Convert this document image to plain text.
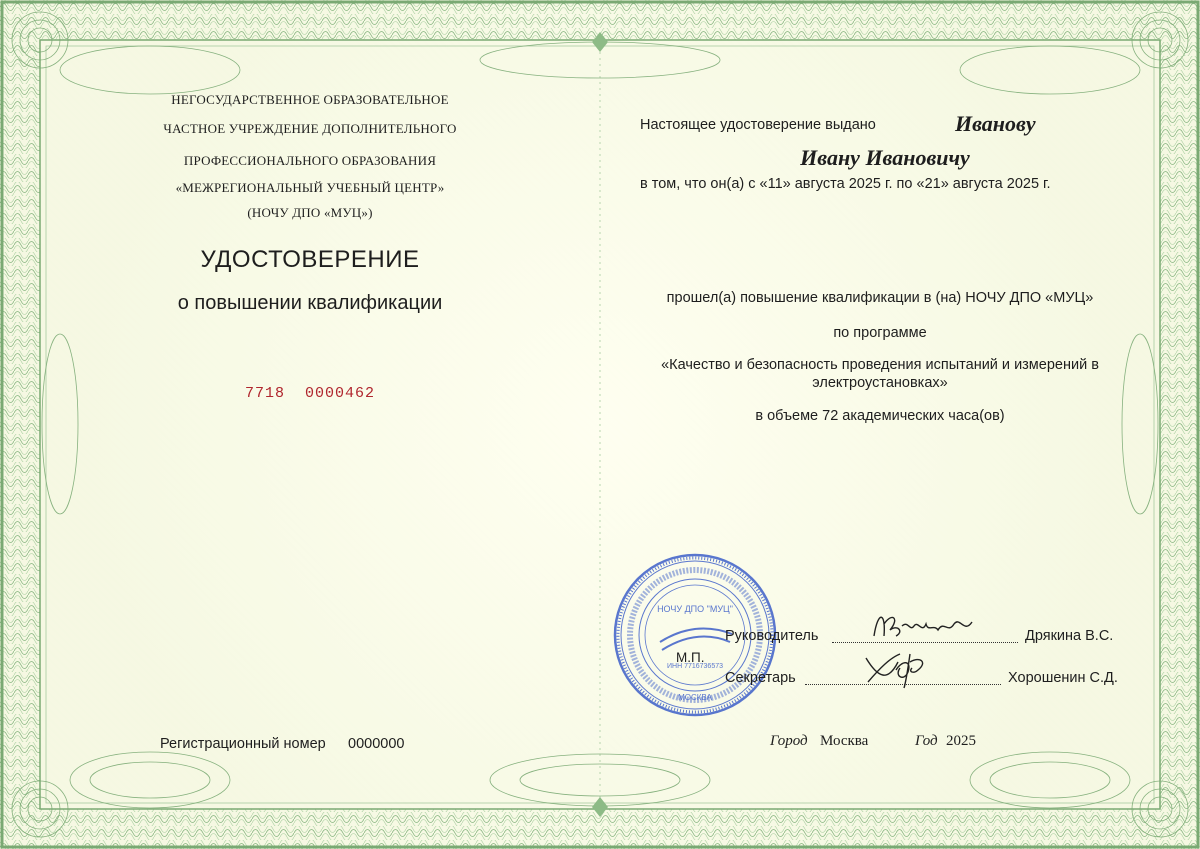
НЕГОСУДАРСТВЕННОЕ ОБРАЗОВАТЕЛЬНОЕ
ЧАСТНОЕ УЧРЕЖДЕНИЕ ДОПОЛНИТЕЛЬНОГО
ПРОФЕССИОНАЛЬНОГО ОБРАЗОВАНИЯ
«МЕЖРЕГИОНАЛЬНЫЙ УЧЕБНЫЙ ЦЕНТР»
(НОЧУ ДПО «МУЦ»)
УДОСТОВЕРЕНИЕ
о повышении квалификации
7718  0000462
Регистрационный номер 0000000
Настоящее удостоверение выдано	Иванову
Ивану Ивановичу
в том, что он(а) с «11» августа 2025 г. по «21» августа 2025 г.
прошел(а) повышение квалификации в (на) НОЧУ ДПО «МУЦ»
по программе
«Качество и безопасность проведения испытаний и измерений в
электроустановках»
в объеме 72 академических часа(ов)
НОЧУ ДПО "МУЦ"
ИНН 7716736573
МОСКВА
М.П.
Руководитель	Дрякина В.С.
Секретарь	Хорошенин С.Д.
Город Москва	Год 2025
